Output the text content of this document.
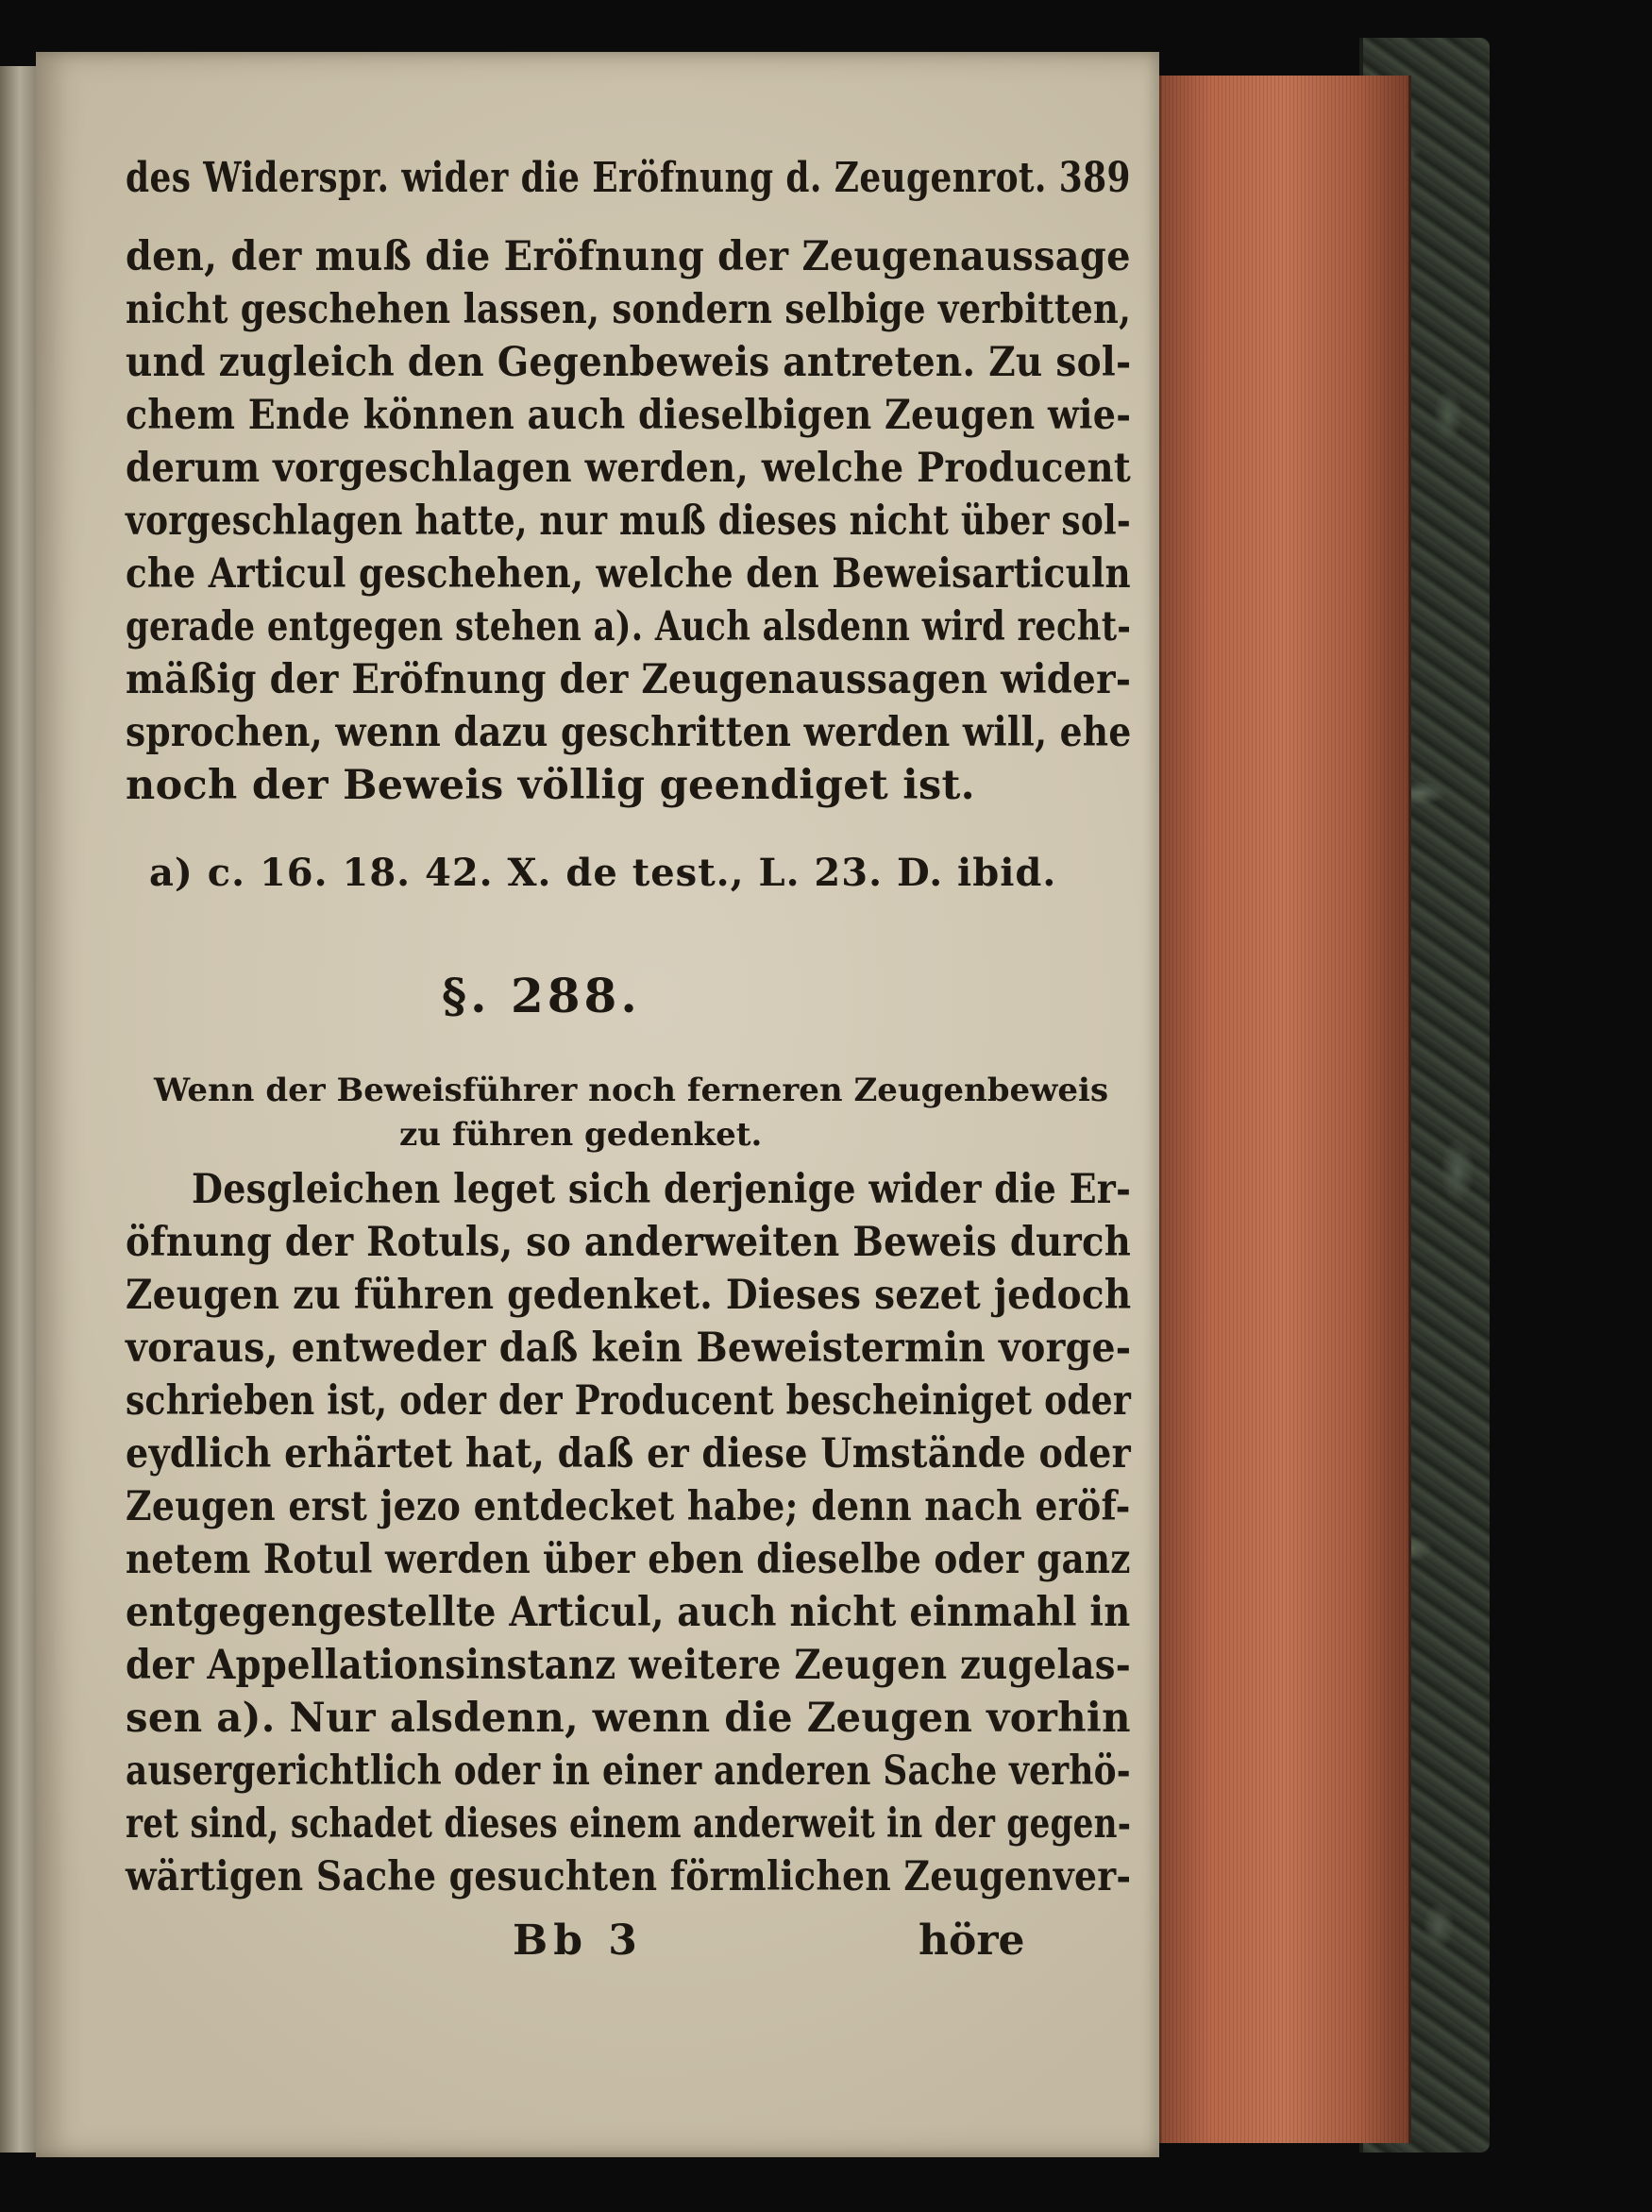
des Widerspr. wider die Eröfnung d. Zeugenrot. 389
den, der muß die Eröfnung der Zeugenaussage
nicht geschehen lassen, sondern selbige verbitten,
und zugleich den Gegenbeweis antreten. Zu sol-
chem Ende können auch dieselbigen Zeugen wie-
derum vorgeschlagen werden, welche Producent
vorgeschlagen hatte, nur muß dieses nicht über sol-
che Articul geschehen, welche den Beweisarticuln
gerade entgegen stehen a). Auch alsdenn wird recht-
mäßig der Eröfnung der Zeugenaussagen wider-
sprochen, wenn dazu geschritten werden will, ehe
noch der Beweis völlig geendiget ist.
a) c. 16. 18. 42. X. de test., L. 23. D. ibid.
§. 288.
Wenn der Beweisführer noch ferneren Zeugenbeweis
zu führen gedenket.
Desgleichen leget sich derjenige wider die Er-
öfnung der Rotuls, so anderweiten Beweis durch
Zeugen zu führen gedenket. Dieses sezet jedoch
voraus, entweder daß kein Beweistermin vorge-
schrieben ist, oder der Producent bescheiniget oder
eydlich erhärtet hat, daß er diese Umstände oder
Zeugen erst jezo entdecket habe; denn nach eröf-
netem Rotul werden über eben dieselbe oder ganz
entgegengestellte Articul, auch nicht einmahl in
der Appellationsinstanz weitere Zeugen zugelas-
sen a). Nur alsdenn, wenn die Zeugen vorhin
ausergerichtlich oder in einer anderen Sache verhö-
ret sind, schadet dieses einem anderweit in der gegen-
wärtigen Sache gesuchten förmlichen Zeugenver-
Bb 3	höre
